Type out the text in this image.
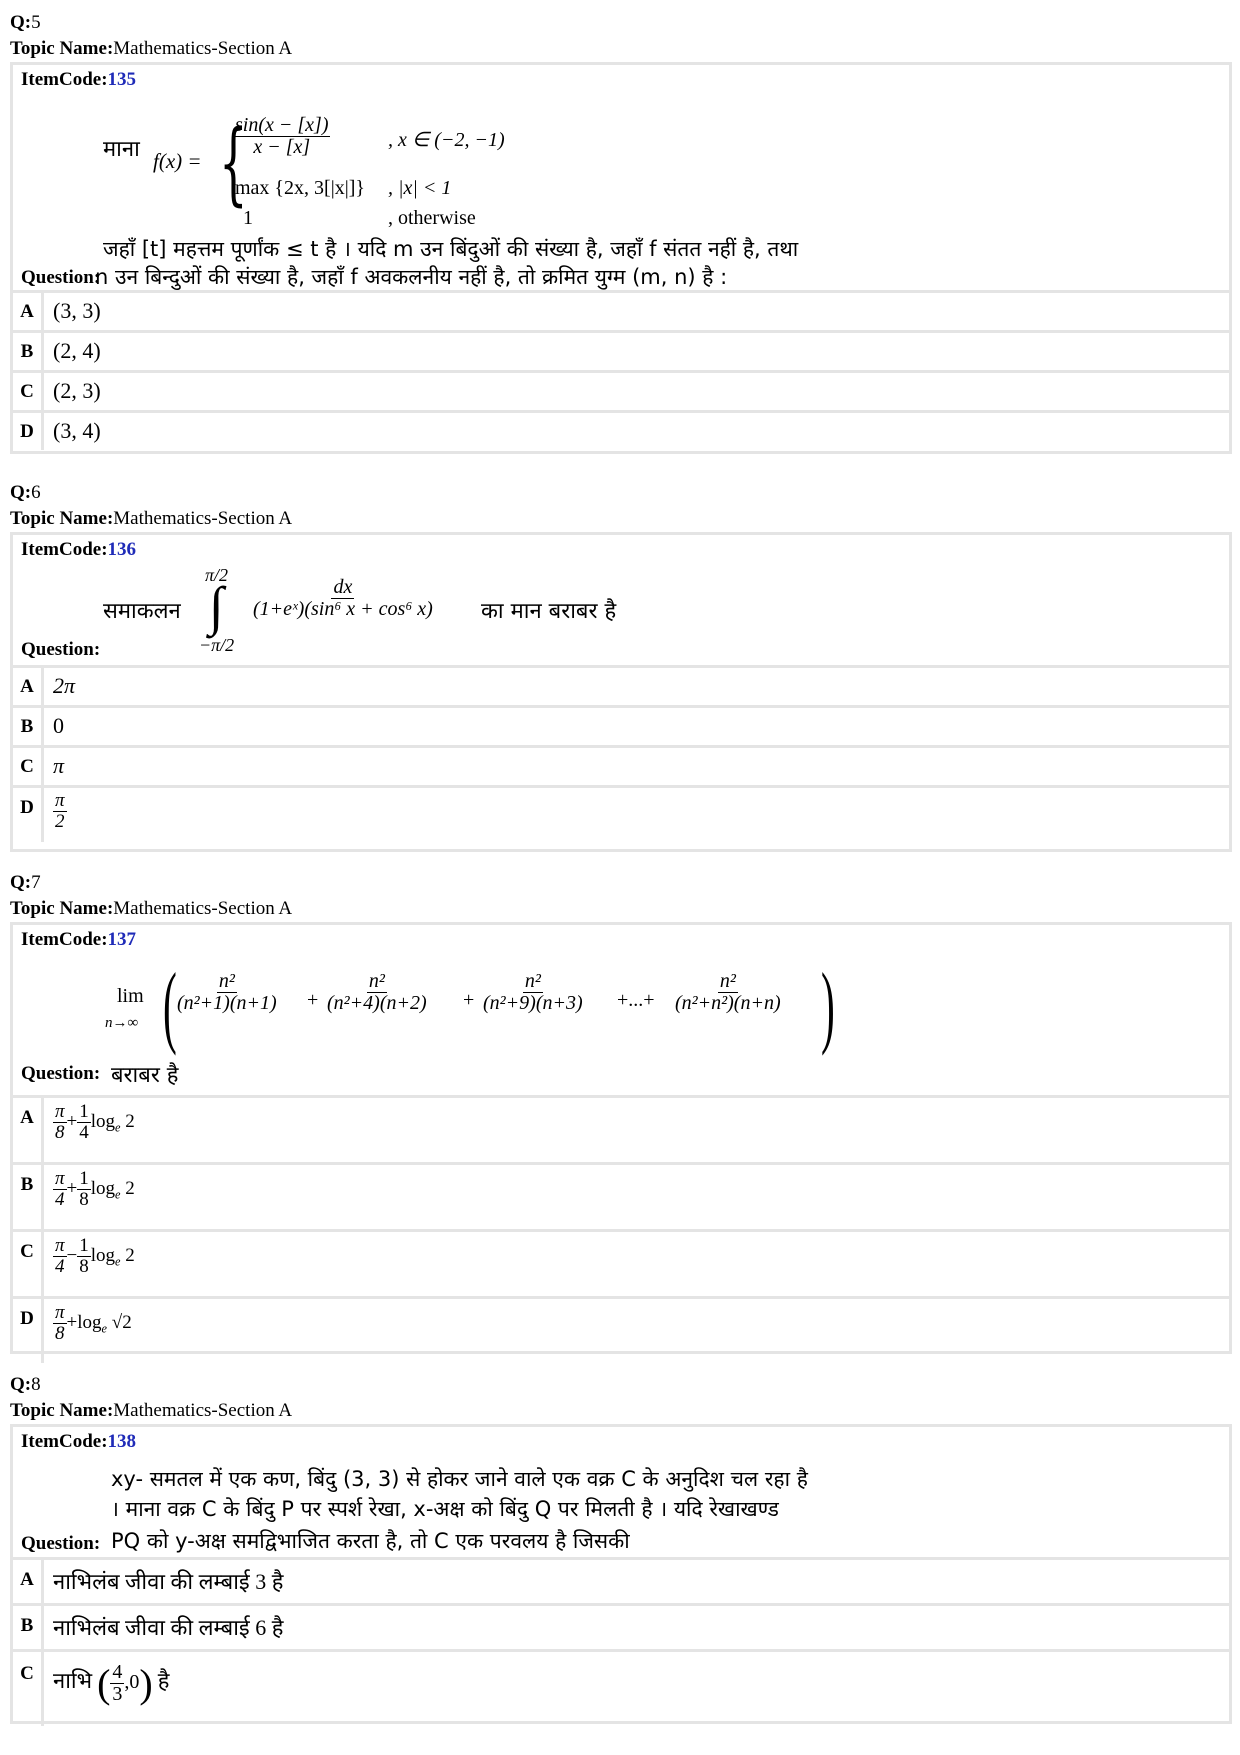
Q:5
Topic Name:Mathematics-Section A
ItemCode:135
Question:
माना f(x) = {
$\frac{\sin(x - [x])}{x - [x]}$	, x ∈ (−2, −1)
max {2x, 3[|x|]} , |x| < 1
1	, otherwise
जहाँ [t] महत्तम पूर्णांक ≤ t है । यदि m उन बिंदुओं की संख्या है, जहाँ f संतत नहीं है, तथा
n उन बिन्दुओं की संख्या है, जहाँ f अवकलनीय नहीं है, तो क्रमित युग्म (m, n) है :
A (3, 3)
B (2, 4)
C (2, 3)
D (3, 4)
Q:6
Topic Name:Mathematics-Section A
ItemCode:136
Question:
समाकलन
π/2
∫
−π/2
$\frac{dx}{\text{(1+eˣ)(sin⁶ x + cos⁶ x)}}$ का मान बराबर है
A 2π
B 0
C π
D	$\frac{\pi}{2}$
Q:7
Topic Name:Mathematics-Section A
ItemCode:137
Question: बराबर है
lim
n→∞ (
$\frac{\text{n²}}{\text{(n²+1)(n+1)}} + \frac{\text{n²}}{\text{(n²+4)(n+2)}} + \frac{\text{n²}}{\text{(n²+9)(n+3)}}$ +...+ $\frac{\text{n²}}{\text{(n²+n²)(n+n)}}$ )
A	$\frac{\pi}{8} + \frac{1}{4} \log_e 2$
B	$\frac{\pi}{4} + \frac{1}{8} \log_e 2$
C	$\frac{\pi}{4} - \frac{1}{8} \log_e 2$
D	$\frac{\pi}{8} +\log_e$ √2
Q:8
Topic Name:Mathematics-Section A
ItemCode:138
Question:
xy- समतल में एक कण, बिंदु (3, 3) से होकर जाने वाले एक वक्र C के अनुदिश चल रहा है
। माना वक्र C के बिंदु P पर स्पर्श रेखा, x-अक्ष को बिंदु Q पर मिलती है । यदि रेखाखण्ड
PQ को y-अक्ष समद्विभाजित करता है, तो C एक परवलय है जिसकी
A नाभिलंब जीवा की लम्बाई 3 है
B नाभिलंब जीवा की लम्बाई 6 है
C नाभि ( $\frac{4}{3} ,0$) है
